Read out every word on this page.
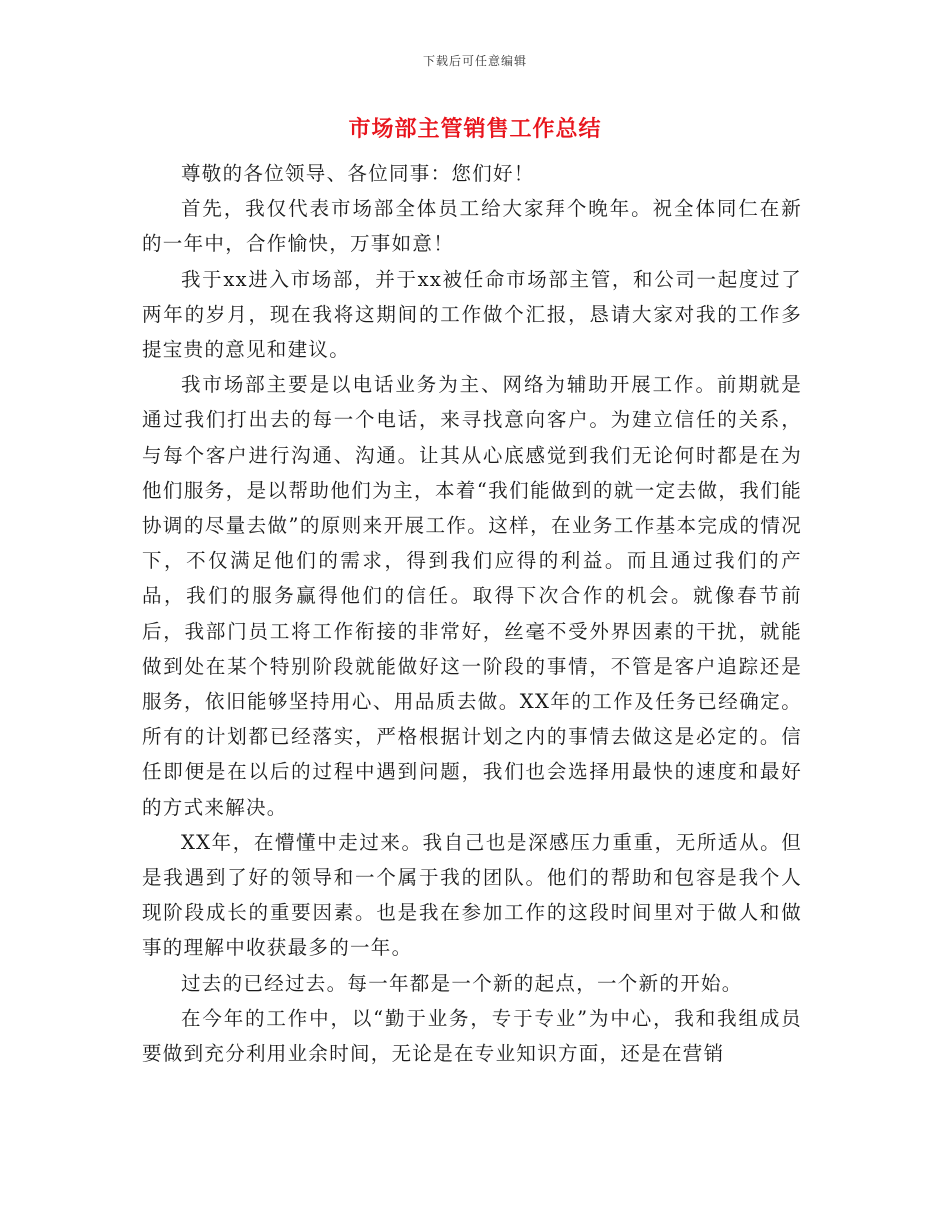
下载后可任意编辑
市场部主管销售工作总结

尊敬的各位领导、各位同事：您们好！

首先，我仅代表市场部全体员工给大家拜个晚年。祝全体同仁在新的一年中，合作愉快，万事如意！

我于xx进入市场部，并于xx被任命市场部主管，和公司一起度过了两年的岁月，现在我将这期间的工作做个汇报，恳请大家对我的工作多提宝贵的意见和建议。

我市场部主要是以电话业务为主、网络为辅助开展工作。前期就是通过我们打出去的每一个电话，来寻找意向客户。为建立信任的关系，与每个客户进行沟通、沟通。让其从心底感觉到我们无论何时都是在为他们服务，是以帮助他们为主，本着“我们能做到的就一定去做，我们能协调的尽量去做”的原则来开展工作。这样，在业务工作基本完成的情况下，不仅满足他们的需求，得到我们应得的利益。而且通过我们的产品，我们的服务赢得他们的信任。取得下次合作的机会。就像春节前后，我部门员工将工作衔接的非常好，丝毫不受外界因素的干扰，就能做到处在某个特别阶段就能做好这一阶段的事情，不管是客户追踪还是服务，依旧能够坚持用心、用品质去做。XX年的工作及任务已经确定。所有的计划都已经落实，严格根据计划之内的事情去做这是必定的。信任即便是在以后的过程中遇到问题，我们也会选择用最快的速度和最好的方式来解决。

XX年，在懵懂中走过来。我自己也是深感压力重重，无所适从。但是我遇到了好的领导和一个属于我的团队。他们的帮助和包容是我个人现阶段成长的重要因素。也是我在参加工作的这段时间里对于做人和做事的理解中收获最多的一年。

过去的已经过去。每一年都是一个新的起点，一个新的开始。

在今年的工作中，以“勤于业务，专于专业”为中心，我和我组成员要做到充分利用业余时间，无论是在专业知识方面，还是在营销
